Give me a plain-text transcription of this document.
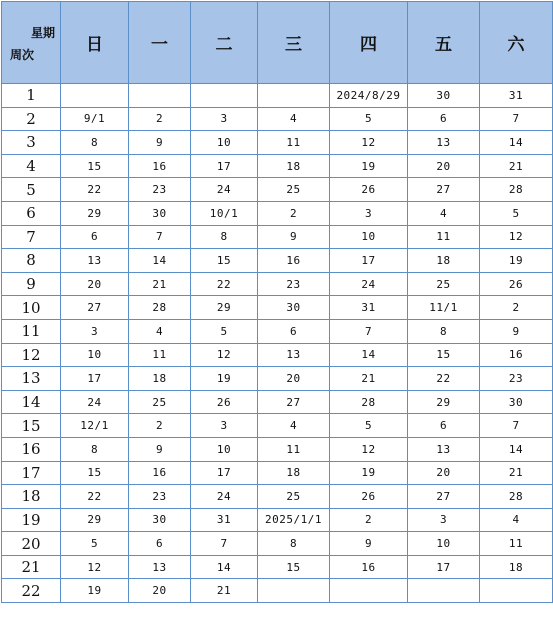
星期
周次	日	一	二	三	四	五	六
1					2024/8/29	30	31
2	9/1	2	3	4	5	6	7
3	8	9	10	11	12	13	14
4	15	16	17	18	19	20	21
5	22	23	24	25	26	27	28
6	29	30	10/1	2	3	4	5
7	6	7	8	9	10	11	12
8	13	14	15	16	17	18	19
9	20	21	22	23	24	25	26
10	27	28	29	30	31	11/1	2
11	3	4	5	6	7	8	9
12	10	11	12	13	14	15	16
13	17	18	19	20	21	22	23
14	24	25	26	27	28	29	30
15	12/1	2	3	4	5	6	7
16	8	9	10	11	12	13	14
17	15	16	17	18	19	20	21
18	22	23	24	25	26	27	28
19	29	30	31	2025/1/1	2	3	4
20	5	6	7	8	9	10	11
21	12	13	14	15	16	17	18
22	19	20	21				
